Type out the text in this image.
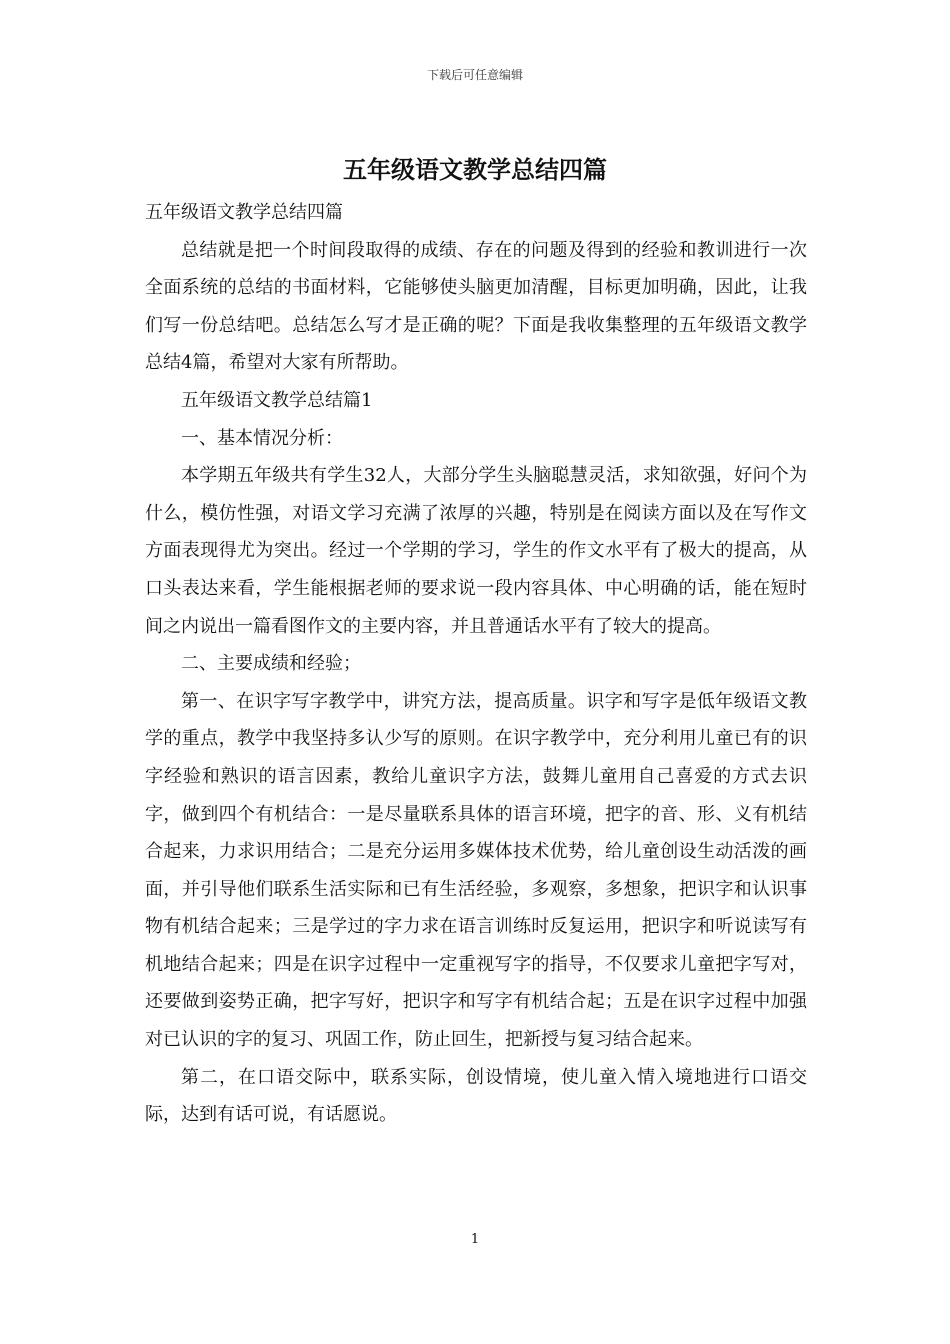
下载后可任意编辑
五年级语文教学总结四篇

五年级语文教学总结四篇

总结就是把一个时间段取得的成绩、存在的问题及得到的经验和教训进行一次全面系统的总结的书面材料，它能够使头脑更加清醒，目标更加明确，因此，让我们写一份总结吧。总结怎么写才是正确的呢？下面是我收集整理的五年级语文教学总结4篇，希望对大家有所帮助。

五年级语文教学总结篇1

一、基本情况分析：

本学期五年级共有学生32人，大部分学生头脑聪慧灵活，求知欲强，好问个为什么，模仿性强，对语文学习充满了浓厚的兴趣，特别是在阅读方面以及在写作文方面表现得尤为突出。经过一个学期的学习，学生的作文水平有了极大的提高，从口头表达来看，学生能根据老师的要求说一段内容具体、中心明确的话，能在短时间之内说出一篇看图作文的主要内容，并且普通话水平有了较大的提高。

二、主要成绩和经验；

第一、在识字写字教学中，讲究方法，提高质量。识字和写字是低年级语文教学的重点，教学中我坚持多认少写的原则。在识字教学中，充分利用儿童已有的识字经验和熟识的语言因素，教给儿童识字方法，鼓舞儿童用自己喜爱的方式去识字，做到四个有机结合：一是尽量联系具体的语言环境，把字的音、形、义有机结合起来，力求识用结合；二是充分运用多媒体技术优势，给儿童创设生动活泼的画面，并引导他们联系生活实际和已有生活经验，多观察，多想象，把识字和认识事物有机结合起来；三是学过的字力求在语言训练时反复运用，把识字和听说读写有机地结合起来；四是在识字过程中一定重视写字的指导，不仅要求儿童把字写对，还要做到姿势正确，把字写好，把识字和写字有机结合起；五是在识字过程中加强对已认识的字的复习、巩固工作，防止回生，把新授与复习结合起来。

第二，在口语交际中，联系实际，创设情境，使儿童入情入境地进行口语交际，达到有话可说，有话愿说。

1
